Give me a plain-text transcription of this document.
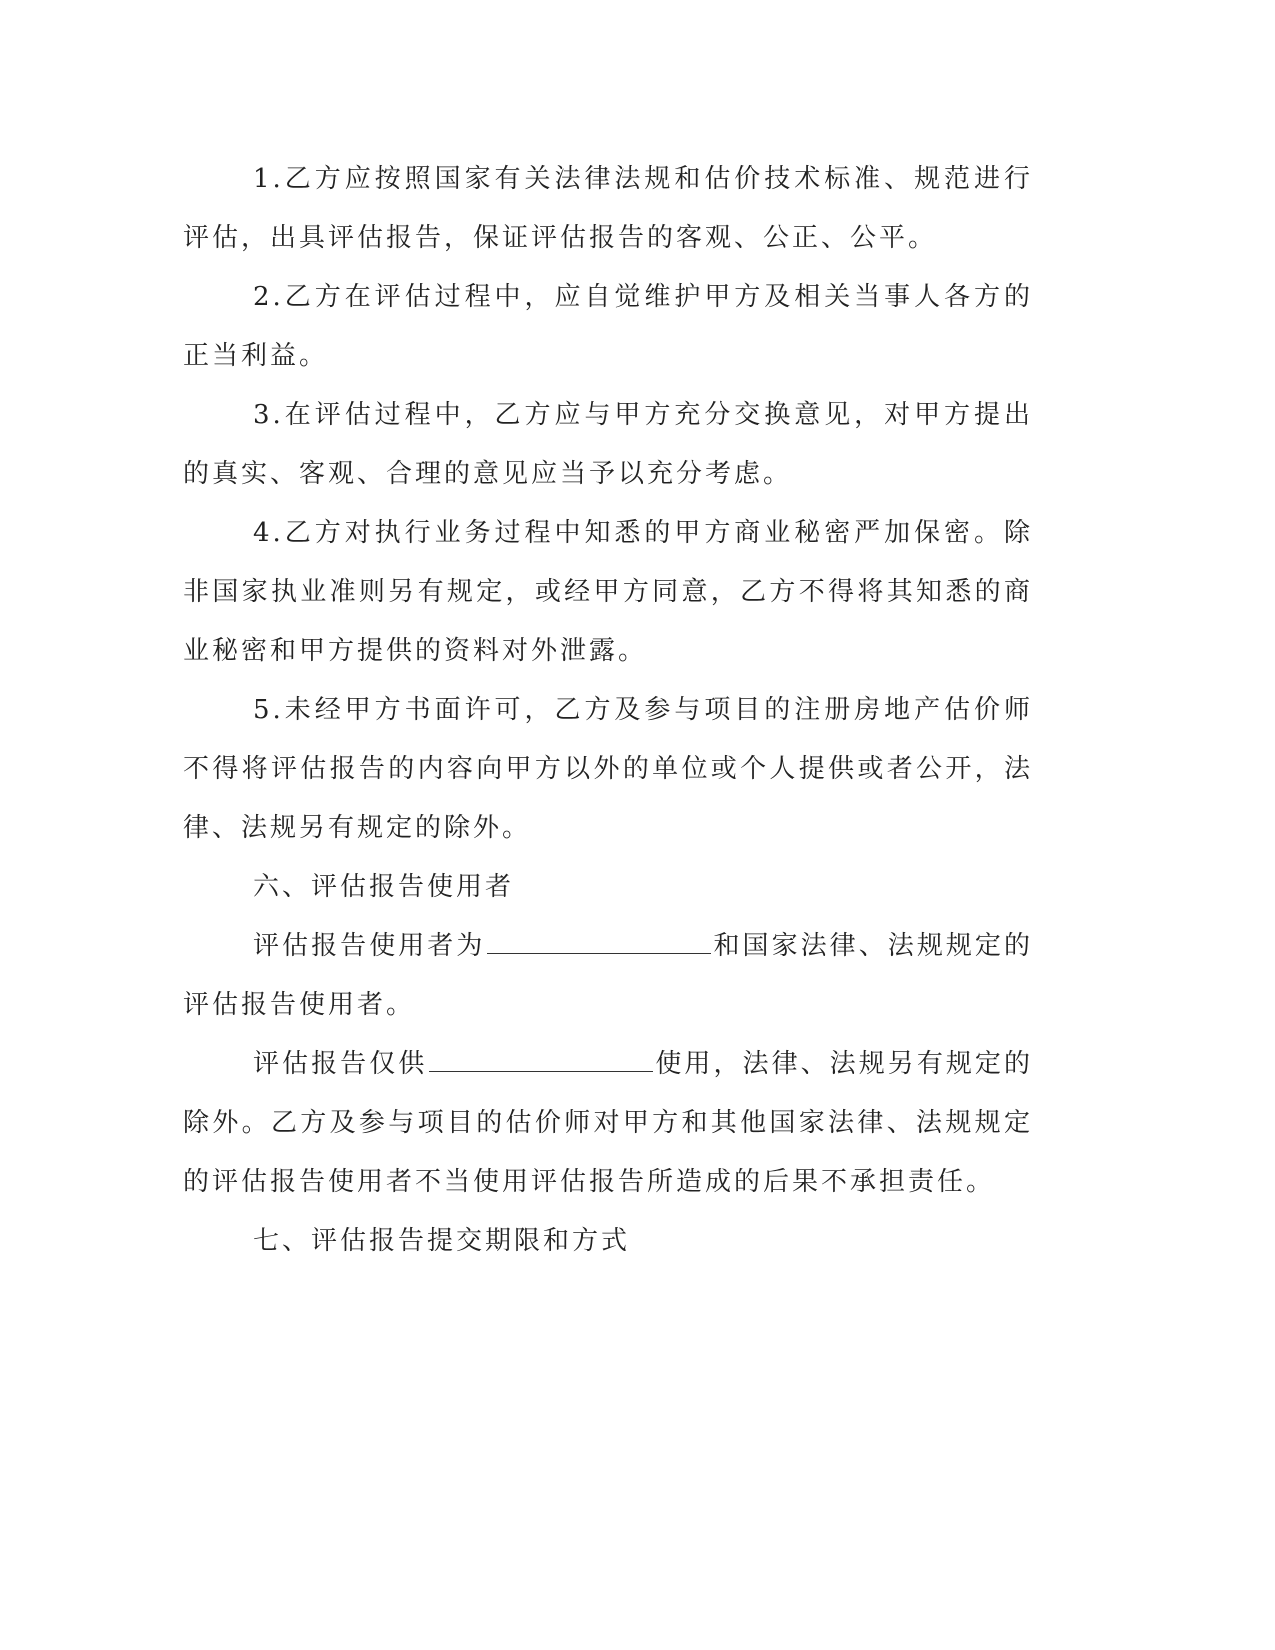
1.乙方应按照国家有关法律法规和估价技术标准、规范进行评估，出具评估报告，保证评估报告的客观、公正、公平。

2.乙方在评估过程中，应自觉维护甲方及相关当事人各方的正当利益。

3.在评估过程中，乙方应与甲方充分交换意见，对甲方提出的真实、客观、合理的意见应当予以充分考虑。

4.乙方对执行业务过程中知悉的甲方商业秘密严加保密。除非国家执业准则另有规定，或经甲方同意，乙方不得将其知悉的商业秘密和甲方提供的资料对外泄露。

5.未经甲方书面许可，乙方及参与项目的注册房地产估价师不得将评估报告的内容向甲方以外的单位或个人提供或者公开，法律、法规另有规定的除外。

六、评估报告使用者

评估报告使用者为	和国家法律、法规规定的评估报告使用者。

评估报告仅供	使用，法律、法规另有规定的除外。乙方及参与项目的估价师对甲方和其他国家法律、法规规定的评估报告使用者不当使用评估报告所造成的后果不承担责任。

七、评估报告提交期限和方式
